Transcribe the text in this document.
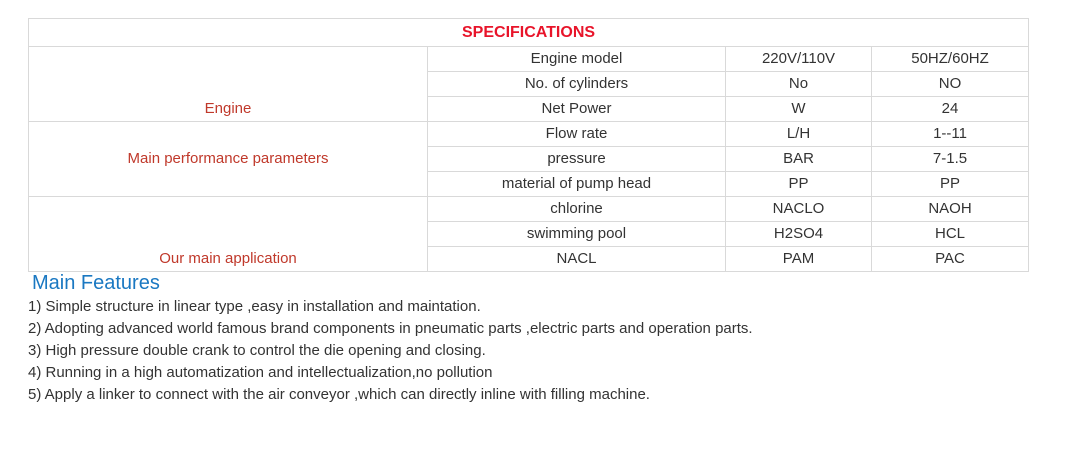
SPECIFICATIONS			
Engine	Engine model	220V/110V	50HZ/60HZ
	No. of cylinders	No	NO
	Net Power	W	24
Main performance parameters	Flow rate	L/H	1--11
	pressure	BAR	7-1.5
	material of pump head	PP	PP
Our main application	chlorine	NACLO	NAOH
	swimming pool	H2SO4	HCL
	NACL	PAM	PAC
Main Features
1) Simple structure in linear type ,easy in installation and maintation.
2) Adopting advanced world famous brand components in pneumatic parts ,electric parts and operation parts.
3) High pressure double crank to control the die opening and closing.
4) Running in a high automatization and intellectualization,no pollution
5) Apply a linker to connect with the air conveyor ,which can directly inline with filling machine.
